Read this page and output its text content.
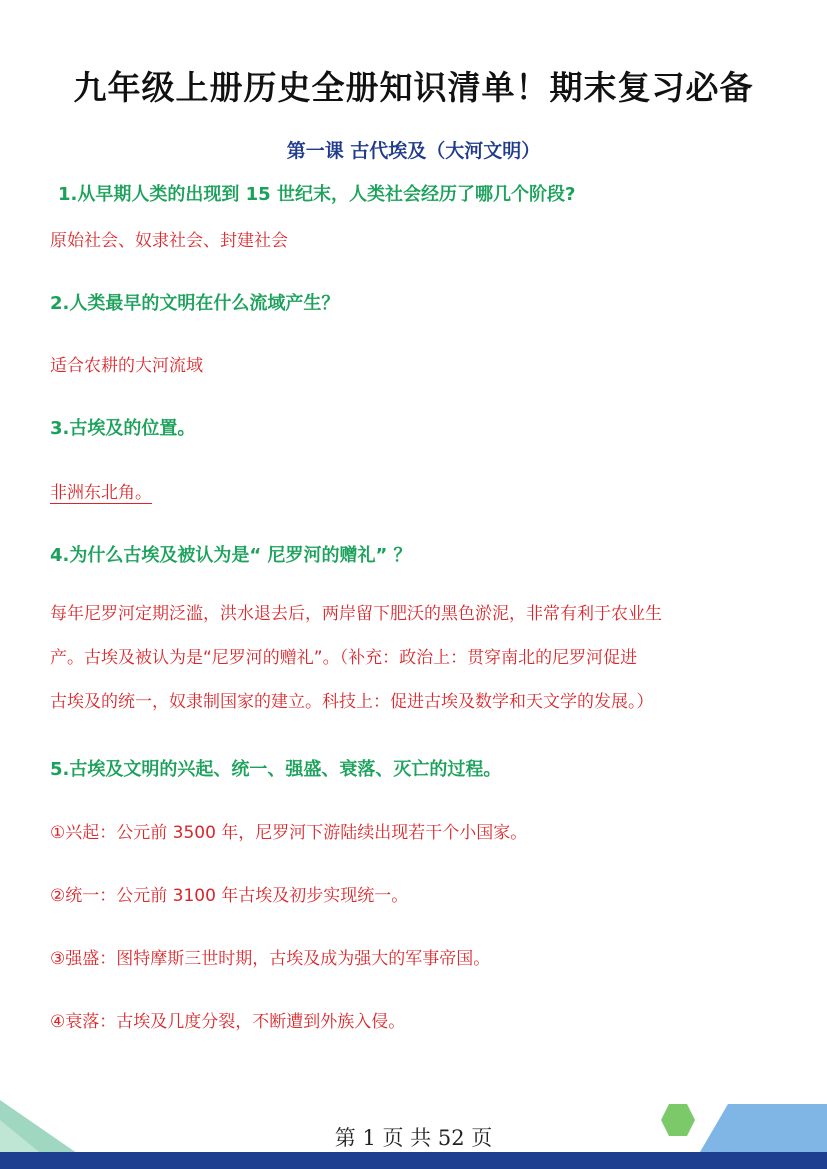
九年级上册历史全册知识清单！期末复习必备
第一课 古代埃及（大河文明）
1.从早期人类的出现到 15 世纪末，人类社会经历了哪几个阶段?
原始社会、奴隶社会、封建社会
2.人类最早的文明在什么流域产生？
适合农耕的大河流域
3.古埃及的位置。
非洲东北角。
4.为什么古埃及被认为是“ 尼罗河的赠礼” ？
每年尼罗河定期泛滥，洪水退去后，两岸留下肥沃的黑色淤泥，非常有利于农业生
产。古埃及被认为是“尼罗河的赠礼”。（补充：政治上：贯穿南北的尼罗河促进
古埃及的统一，奴隶制国家的建立。科技上：促进古埃及数学和天文学的发展。）
5.古埃及文明的兴起、统一、强盛、衰落、灭亡的过程。
①兴起：公元前 3500 年，尼罗河下游陆续出现若干个小国家。
②统一：公元前 3100 年古埃及初步实现统一。
③强盛：图特摩斯三世时期，古埃及成为强大的军事帝国。
④衰落：古埃及几度分裂，不断遭到外族入侵。
第 1 页 共 52 页
